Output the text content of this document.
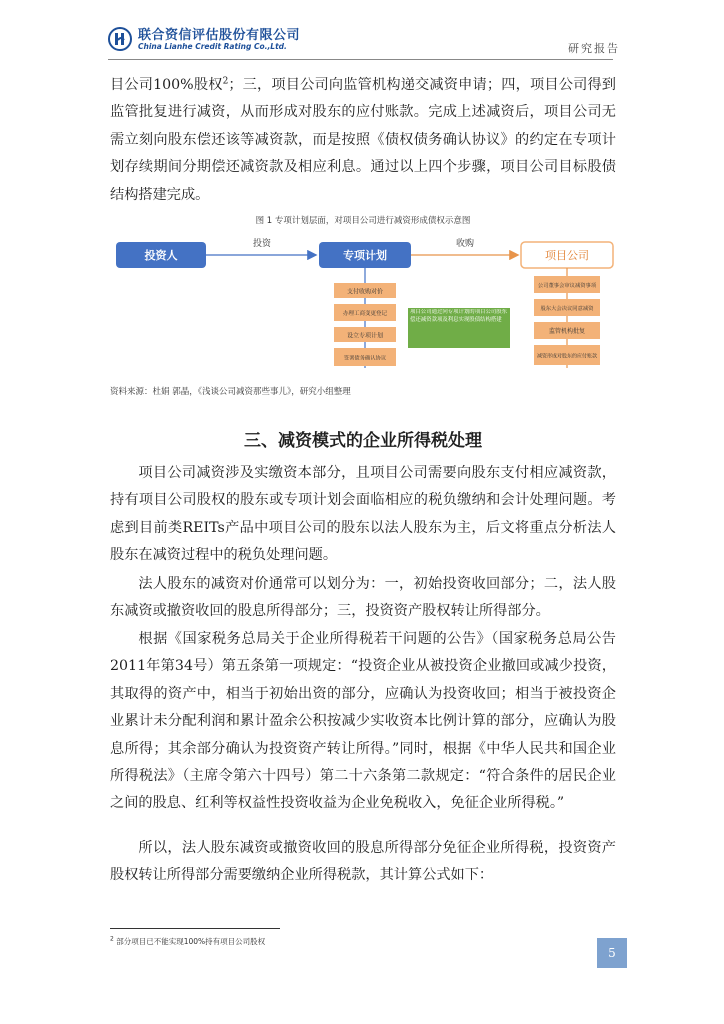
联合资信评估股份有限公司
China Lianhe Credit Rating Co.,Ltd.	研究报告
目公司100%股权$^2$；三，项目公司向监管机构递交减资申请；四，项目公司得到监管批复进行减资，从而形成对股东的应付账款。完成上述减资后，项目公司无需立刻向股东偿还该等减资款，而是按照《债权债务确认协议》的约定在专项计划存续期间分期偿还减资款及相应利息。通过以上四个步骤，项目公司目标股债结构搭建完成。
图 1 专项计划层面，对项目公司进行减资形成债权示意图
投资人	专项计划	项目公司
投资	收购
支付收购对价
办理工商变更登记
设立专项计划
签署债务确认协议
项目公司通过向专项计划的项目公司股东偿还减资款项及利息实现股债结构搭建
公司董事会审议减资事项
股东大会决议同意减资
监管机构批复
减资形成对股东的应付账款
资料来源：杜娟 郭晶，《浅谈公司减资那些事儿》，研究小组整理
三、减资模式的企业所得税处理
项目公司减资涉及实缴资本部分，且项目公司需要向股东支付相应减资款，持有项目公司股权的股东或专项计划会面临相应的税负缴纳和会计处理问题。考虑到目前类REITs产品中项目公司的股东以法人股东为主，后文将重点分析法人股东在减资过程中的税负处理问题。
法人股东的减资对价通常可以划分为：一，初始投资收回部分；二，法人股东减资或撤资收回的股息所得部分；三，投资资产股权转让所得部分。
根据《国家税务总局关于企业所得税若干问题的公告》（国家税务总局公告2011年第34号）第五条第一项规定：“投资企业从被投资企业撤回或减少投资，其取得的资产中，相当于初始出资的部分，应确认为投资收回；相当于被投资企业累计未分配利润和累计盈余公积按减少实收资本比例计算的部分，应确认为股息所得；其余部分确认为投资资产转让所得。”同时，根据《中华人民共和国企业所得税法》（主席令第六十四号）第二十六条第二款规定：“符合条件的居民企业之间的股息、红利等权益性投资收益为企业免税收入，免征企业所得税。”
所以，法人股东减资或撤资收回的股息所得部分免征企业所得税，投资资产股权转让所得部分需要缴纳企业所得税款，其计算公式如下：
$^2$ 部分项目已不能实现100%持有项目公司股权
5
